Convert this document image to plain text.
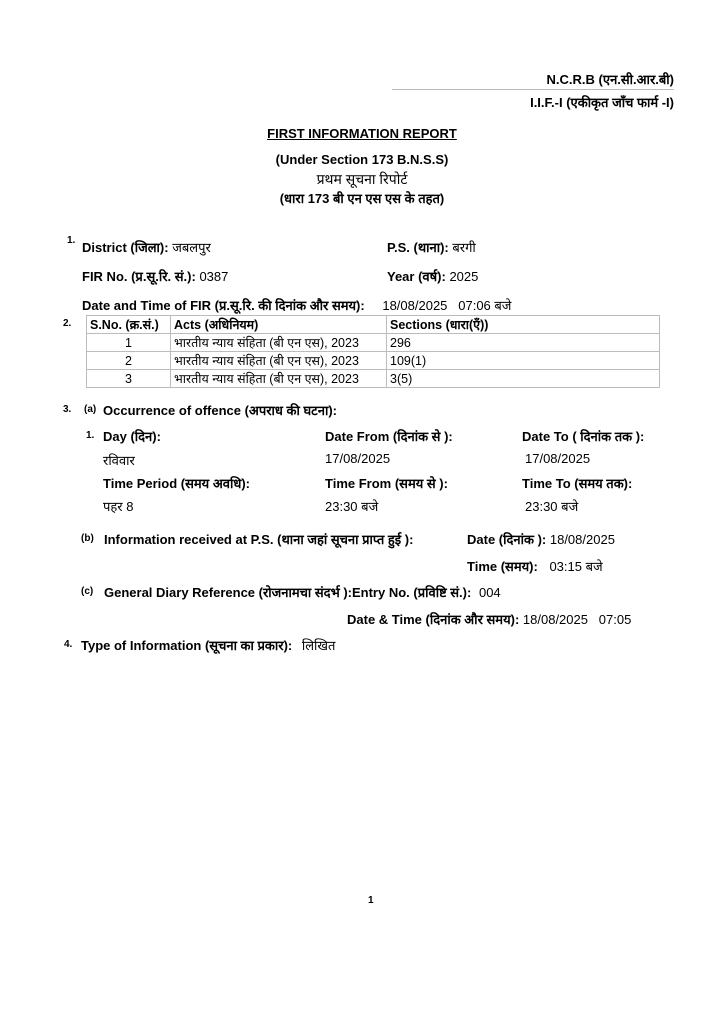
N.C.R.B (एन.सी.आर.बी)
I.I.F.-I (एकीकृत जाँच फार्म -I)
FIRST INFORMATION REPORT
(Under Section 173 B.N.S.S)
प्रथम सूचना रिपोर्ट
(धारा 173 बी एन एस एस के तहत)
1. District (जिला): जबलपुर	P.S. (थाना): बरगी
FIR No. (प्र.सू.रि. सं.): 0387	Year (वर्ष): 2025
Date and Time of FIR (प्र.सू.रि. की दिनांक और समय): 18/08/2025   07:06 बजे
2. S.No. (क्र.सं.)	Acts (अधिनियम)	Sections (धारा(एँ))
1	भारतीय न्याय संहिता (बी एन एस), 2023	296
2	भारतीय न्याय संहिता (बी एन एस), 2023	109(1)
3	भारतीय न्याय संहिता (बी एन एस), 2023	3(5)
3. (a) Occurrence of offence (अपराध की घटना):
1. Day (दिन):	Date From (दिनांक से ):	Date To ( दिनांक तक ):
रविवार	17/08/2025	17/08/2025
Time Period (समय अवधि):	Time From (समय से ):	Time To (समय तक):
पहर 8	23:30 बजे	23:30 बजे
(b) Information received at P.S. (थाना जहां सूचना प्राप्त हुई ):	Date (दिनांक ): 18/08/2025
Time (समय): 03:15 बजे
(c) General Diary Reference (रोजनामचा संदर्भ ):Entry No. (प्रविष्टि सं.): 004
Date & Time (दिनांक और समय): 18/08/2025   07:05
4. Type of Information (सूचना का प्रकार): लिखित
1
